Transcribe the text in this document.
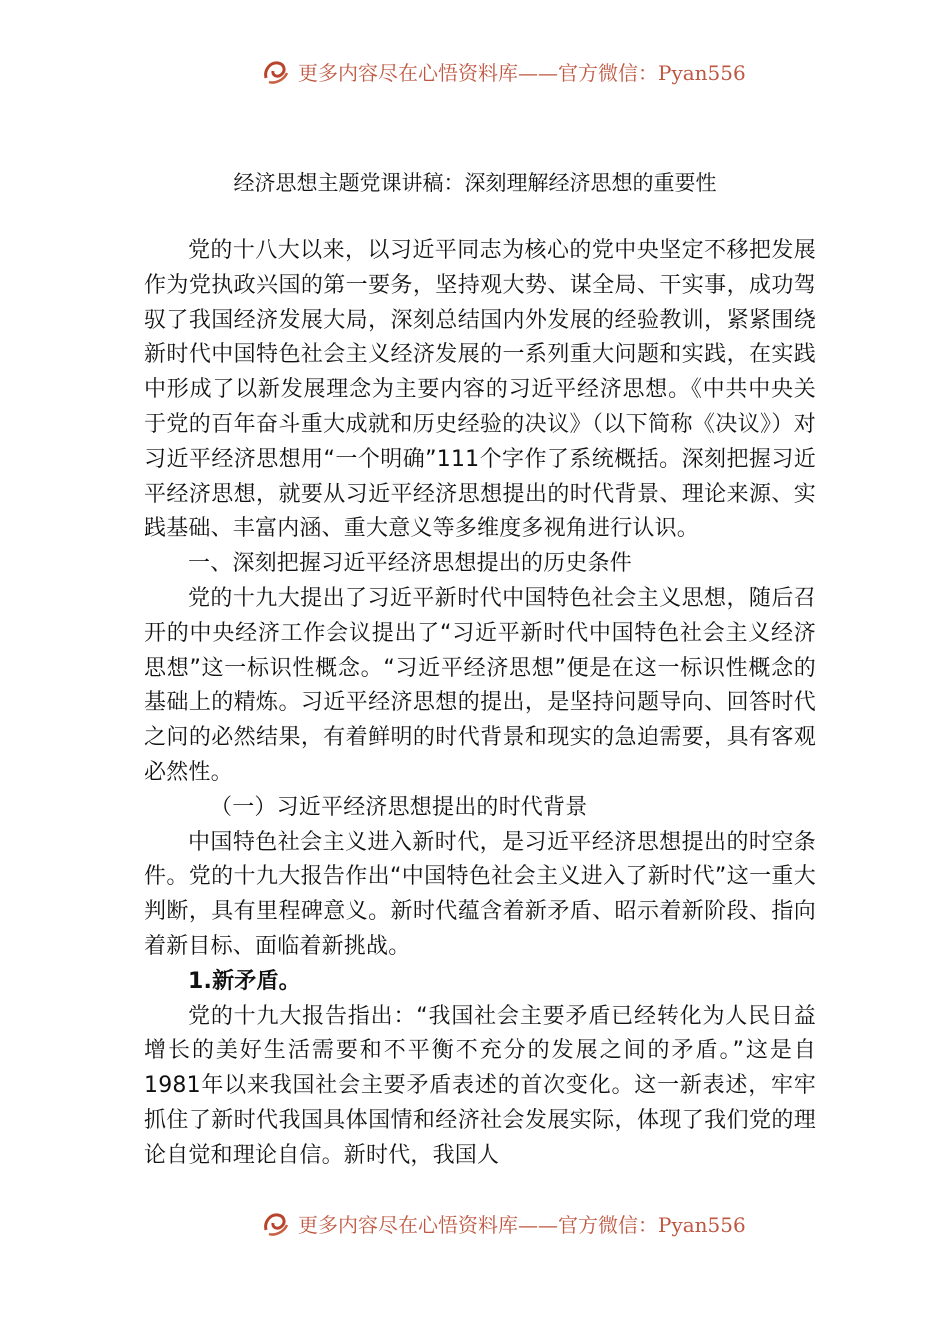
更多内容尽在心悟资料库——官方微信：Pyan556
经济思想主题党课讲稿：深刻理解经济思想的重要性

党的十八大以来，以习近平同志为核心的党中央坚定不移把发展作为党执政兴国的第一要务，坚持观大势、谋全局、干实事，成功驾驭了我国经济发展大局，深刻总结国内外发展的经验教训，紧紧围绕新时代中国特色社会主义经济发展的一系列重大问题和实践，在实践中形成了以新发展理念为主要内容的习近平经济思想。《中共中央关于党的百年奋斗重大成就和历史经验的决议》（以下简称《决议》）对习近平经济思想用“一个明确”111个字作了系统概括。深刻把握习近平经济思想，就要从习近平经济思想提出的时代背景、理论来源、实践基础、丰富内涵、重大意义等多维度多视角进行认识。

一、深刻把握习近平经济思想提出的历史条件

党的十九大提出了习近平新时代中国特色社会主义思想，随后召开的中央经济工作会议提出了“习近平新时代中国特色社会主义经济思想”这一标识性概念。“习近平经济思想”便是在这一标识性概念的基础上的精炼。习近平经济思想的提出，是坚持问题导向、回答时代之问的必然结果，有着鲜明的时代背景和现实的急迫需要，具有客观必然性。

（一）习近平经济思想提出的时代背景

中国特色社会主义进入新时代，是习近平经济思想提出的时空条件。党的十九大报告作出“中国特色社会主义进入了新时代”这一重大判断，具有里程碑意义。新时代蕴含着新矛盾、昭示着新阶段、指向着新目标、面临着新挑战。

1.新矛盾。

党的十九大报告指出：“我国社会主要矛盾已经转化为人民日益增长的美好生活需要和不平衡不充分的发展之间的矛盾。”这是自1981年以来我国社会主要矛盾表述的首次变化。这一新表述，牢牢抓住了新时代我国具体国情和经济社会发展实际，体现了我们党的理论自觉和理论自信。新时代，我国人

更多内容尽在心悟资料库——官方微信：Pyan556
